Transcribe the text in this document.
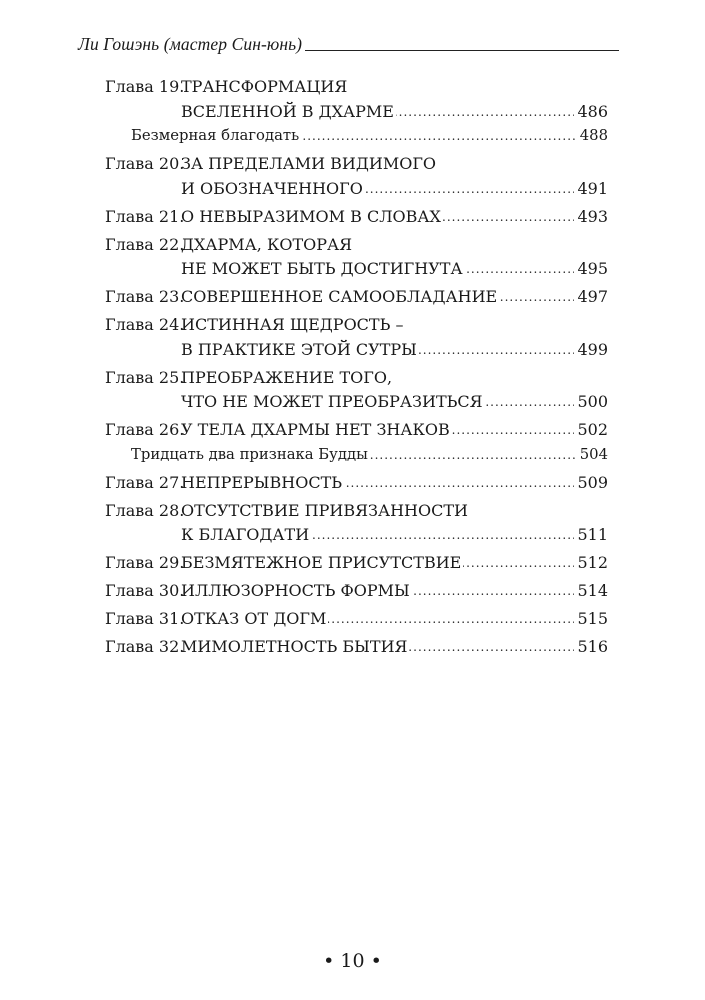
Ли Гошэнь (мастер Син-юнь)
Глава 19.ТРАНСФОРМАЦИЯ
ВСЕЛЕННОЙ В ДХАРМЕ	486
.....
Безмерная благодать	488
.....
Глава 20.ЗА ПРЕДЕЛАМИ ВИДИМОГО
И ОБОЗНАЧЕННОГО	491
.....
Глава 21.О НЕВЫРАЗИМОМ В СЛОВАХ	493
.....
Глава 22.ДХАРМА, КОТОРАЯ
НЕ МОЖЕТ БЫТЬ ДОСТИГНУТА	495
.....
Глава 23.СОВЕРШЕННОЕ САМООБЛАДАНИЕ	497
.....
Глава 24.ИСТИННАЯ ЩЕДРОСТЬ –
В ПРАКТИКЕ ЭТОЙ СУТРЫ	499
.....
Глава 25.ПРЕОБРАЖЕНИЕ ТОГО,
ЧТО НЕ МОЖЕТ ПРЕОБРАЗИТЬСЯ	500
.....
Глава 26.У ТЕЛА ДХАРМЫ НЕТ ЗНАКОВ	502
.....
Тридцать два признака Будды	504
.....
Глава 27.НЕПРЕРЫВНОСТЬ	509
.....
Глава 28.ОТСУТСТВИЕ ПРИВЯЗАННОСТИ
К БЛАГОДАТИ	511
.....
Глава 29.БЕЗМЯТЕЖНОЕ ПРИСУТСТВИЕ	512
.....
Глава 30.ИЛЛЮЗОРНОСТЬ ФОРМЫ	514
.....
Глава 31.ОТКАЗ ОТ ДОГМ	515
.....
Глава 32.МИМОЛЕТНОСТЬ БЫТИЯ	516
.....
• 10 •
